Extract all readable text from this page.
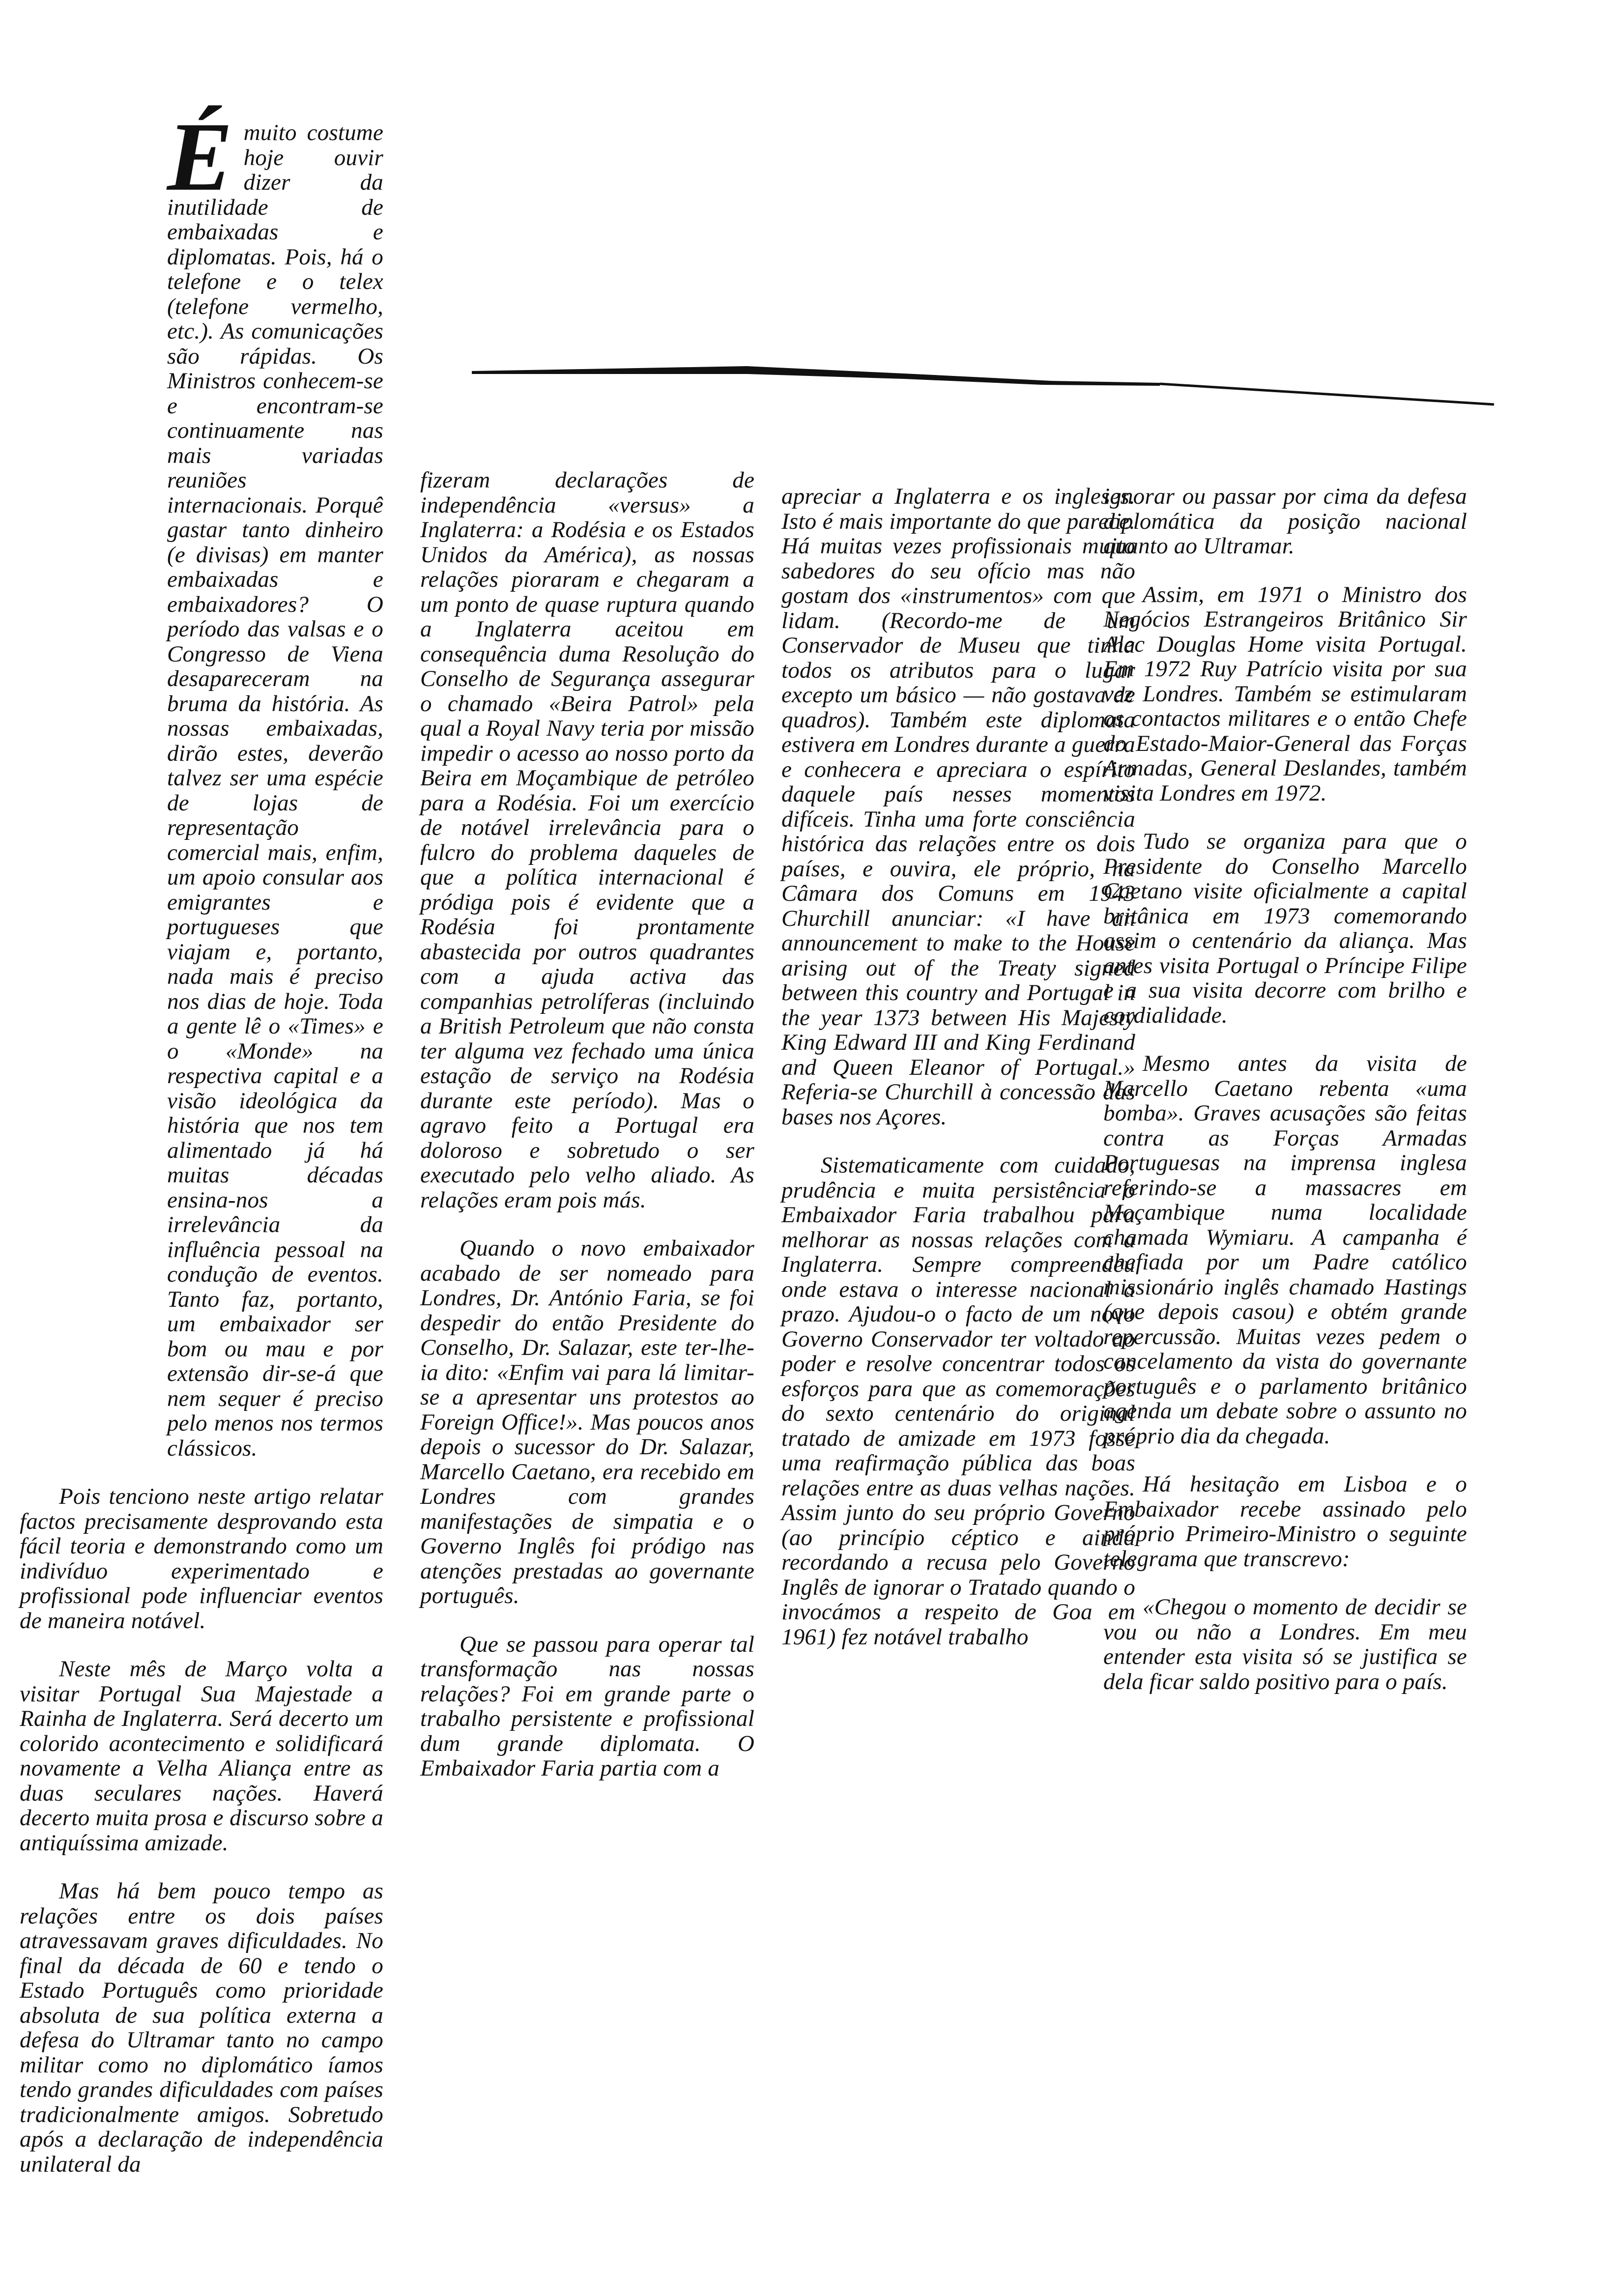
Émuito costume hoje ouvir dizer da inutilidade de embaixadas e diplomatas. Pois, há o telefone e o telex (telefone vermelho, etc.). As comunicações são rápidas. Os Ministros conhecem-se e encontram-se continuamente nas mais variadas reuniões internacionais. Porquê gastar tanto dinheiro (e divisas) em manter embaixadas e embaixadores? O período das valsas e o Congresso de Viena desapareceram na bruma da história. As nossas embaixadas, dirão estes, deverão talvez ser uma espécie de lojas de representação comercial mais, enfim, um apoio consular aos emigrantes e portugueses que viajam e, portanto, nada mais é preciso nos dias de hoje. Toda a gente lê o «Times» e o «Monde» na respectiva capital e a visão ideológica da história que nos tem alimentado já há muitas décadas ensina-nos a irrelevância da influência pessoal na condução de eventos. Tanto faz, portanto, um embaixador ser bom ou mau e por extensão dir-se-á que nem sequer é preciso pelo menos nos termos clássicos.

Pois tenciono neste artigo relatar factos precisamente desprovando esta fácil teoria e demonstrando como um indivíduo experimentado e profissional pode influenciar eventos de maneira notável.

Neste mês de Março volta a visitar Portugal Sua Majestade a Rainha de Inglaterra. Será decerto um colorido acontecimento e solidificará novamente a Velha Aliança entre as duas seculares nações. Haverá decerto muita prosa e discurso sobre a antiquíssima amizade.

Mas há bem pouco tempo as relações entre os dois países atravessavam graves dificuldades. No final da década de 60 e tendo o Estado Português como prioridade absoluta de sua política externa a defesa do Ultramar tanto no campo militar como no diplomático íamos tendo grandes dificuldades com países tradicionalmente amigos. Sobretudo após a declaração de independência unilateral da

fizeram declarações de independência «versus» a Inglaterra: a Rodésia e os Estados Unidos da América), as nossas relações pioraram e chegaram a um ponto de quase ruptura quando a Inglaterra aceitou em consequência duma Resolução do Conselho de Segurança assegurar o chamado «Beira Patrol» pela qual a Royal Navy teria por missão impedir o acesso ao nosso porto da Beira em Moçambique de petróleo para a Rodésia. Foi um exercício de notável irrelevância para o fulcro do problema daqueles de que a política internacional é pródiga pois é evidente que a Rodésia foi prontamente abastecida por outros quadrantes com a ajuda activa das companhias petrolíferas (incluindo a British Petroleum que não consta ter alguma vez fechado uma única estação de serviço na Rodésia durante este período). Mas o agravo feito a Portugal era doloroso e sobretudo o ser executado pelo velho aliado. As relações eram pois más.

Quando o novo embaixador acabado de ser nomeado para Londres, Dr. António Faria, se foi despedir do então Presidente do Conselho, Dr. Salazar, este ter-lhe-ia dito: «Enfim vai para lá limitar-se a apresentar uns protestos ao Foreign Office!». Mas poucos anos depois o sucessor do Dr. Salazar, Marcello Caetano, era recebido em Londres com grandes manifestações de simpatia e o Governo Inglês foi pródigo nas atenções prestadas ao governante português.

Que se passou para operar tal transformação nas nossas relações? Foi em grande parte o trabalho persistente e profissional dum grande diplomata. O Embaixador Faria partia com a

apreciar a Inglaterra e os ingleses. Isto é mais importante do que parece. Há muitas vezes profissionais muito sabedores do seu ofício mas não gostam dos «instrumentos» com que lidam. (Recordo-me de um Conservador de Museu que tinha todos os atributos para o lugar excepto um básico — não gostava de quadros). Também este diplomata estivera em Londres durante a guerra e conhecera e apreciara o espírito daquele país nesses momentos difíceis. Tinha uma forte consciência histórica das relações entre os dois países, e ouvira, ele próprio, na Câmara dos Comuns em 1943 Churchill anunciar: «I have an announcement to make to the House arising out of the Treaty signed between this country and Portugal in the year 1373 between His Majesty King Edward III and King Ferdinand and Queen Eleanor of Portugal.» Referia-se Churchill à concessão das bases nos Açores.

Sistematicamente com cuidado, prudência e muita persistência o Embaixador Faria trabalhou para melhorar as nossas relações com a Inglaterra. Sempre compreendeu onde estava o interesse nacional a prazo. Ajudou-o o facto de um novo Governo Conservador ter voltado ao poder e resolve concentrar todos os esforços para que as comemorações do sexto centenário do original tratado de amizade em 1973 fosse uma reafirmação pública das boas relações entre as duas velhas nações. Assim junto do seu próprio Governo (ao princípio céptico e ainda recordando a recusa pelo Governo Inglês de ignorar o Tratado quando o invocámos a respeito de Goa em 1961) fez notável trabalho

ignorar ou passar por cima da defesa diplomática da posição nacional quanto ao Ultramar.

Assim, em 1971 o Ministro dos Negócios Estrangeiros Britânico Sir Alec Douglas Home visita Portugal. Em 1972 Ruy Patrício visita por sua vez Londres. Também se estimularam os contactos militares e o então Chefe do Estado-Maior-General das Forças Armadas, General Deslandes, também visita Londres em 1972.

Tudo se organiza para que o Presidente do Conselho Marcello Caetano visite oficialmente a capital britânica em 1973 comemorando assim o centenário da aliança. Mas antes visita Portugal o Príncipe Filipe e a sua visita decorre com brilho e cordialidade.

Mesmo antes da visita de Marcello Caetano rebenta «uma bomba». Graves acusações são feitas contra as Forças Armadas Portuguesas na imprensa inglesa referindo-se a massacres em Moçambique numa localidade chamada Wymiaru. A campanha é chefiada por um Padre católico missionário inglês chamado Hastings (que depois casou) e obtém grande repercussão. Muitas vezes pedem o cancelamento da vista do governante português e o parlamento britânico agenda um debate sobre o assunto no próprio dia da chegada.

Há hesitação em Lisboa e o Embaixador recebe assinado pelo próprio Primeiro-Ministro o seguinte telegrama que transcrevo:

«Chegou o momento de decidir se vou ou não a Londres. Em meu entender esta visita só se justifica se dela ficar saldo positivo para o país.
